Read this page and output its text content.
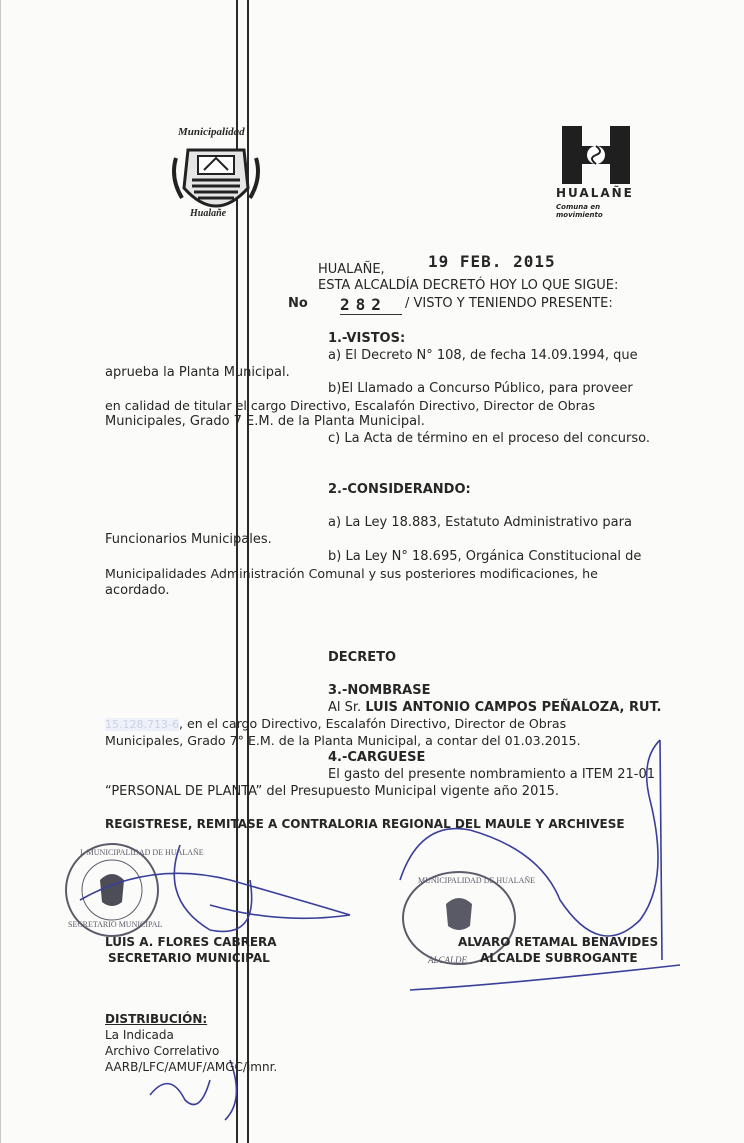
Municipalidad
Hualañe
HUALAÑE
Comuna en movimiento
HUALAÑE,	19 FEB. 2015
ESTA ALCALDÍA DECRETÓ HOY LO QUE SIGUE:
No 282	/ VISTO Y TENIENDO PRESENTE:
1.-VISTOS:
a) El Decreto N° 108, de fecha 14.09.1994, que
aprueba la Planta Municipal.
b)El Llamado a Concurso Público, para proveer
en calidad de titular el cargo Directivo, Escalafón Directivo, Director de Obras
Municipales, Grado 7 E.M. de la Planta Municipal.
c) La Acta de término en el proceso del concurso.
2.-CONSIDERANDO:
a) La Ley 18.883, Estatuto Administrativo para
Funcionarios Municipales.
b) La Ley N° 18.695, Orgánica Constitucional de
Municipalidades Administración Comunal y sus posteriores modificaciones, he
acordado.
DECRETO
3.-NOMBRASE
Al Sr. LUIS ANTONIO CAMPOS PEÑALOZA, RUT.
15.128.713-6, en el cargo Directivo, Escalafón Directivo, Director de Obras
Municipales, Grado 7° E.M. de la Planta Municipal, a contar del 01.03.2015.
4.-CARGUESE
El gasto del presente nombramiento a ITEM 21-01
“PERSONAL DE PLANTA” del Presupuesto Municipal vigente año 2015.
REGISTRESE, REMITASE A CONTRALORIA REGIONAL DEL MAULE Y ARCHIVESE
I. MUNICIPALIDAD DE HUALAÑE
SECRETARIO MUNICIPAL
MUNICIPALIDAD DE HUALAÑE
ALCALDE
LUIS A. FLORES CABRERA
SECRETARIO MUNICIPAL
ALVARO RETAMAL BENAVIDES
ALCALDE SUBROGANTE
DISTRIBUCIÓN:
La Indicada
Archivo Correlativo
AARB/LFC/AMUF/AMGC/imnr.
